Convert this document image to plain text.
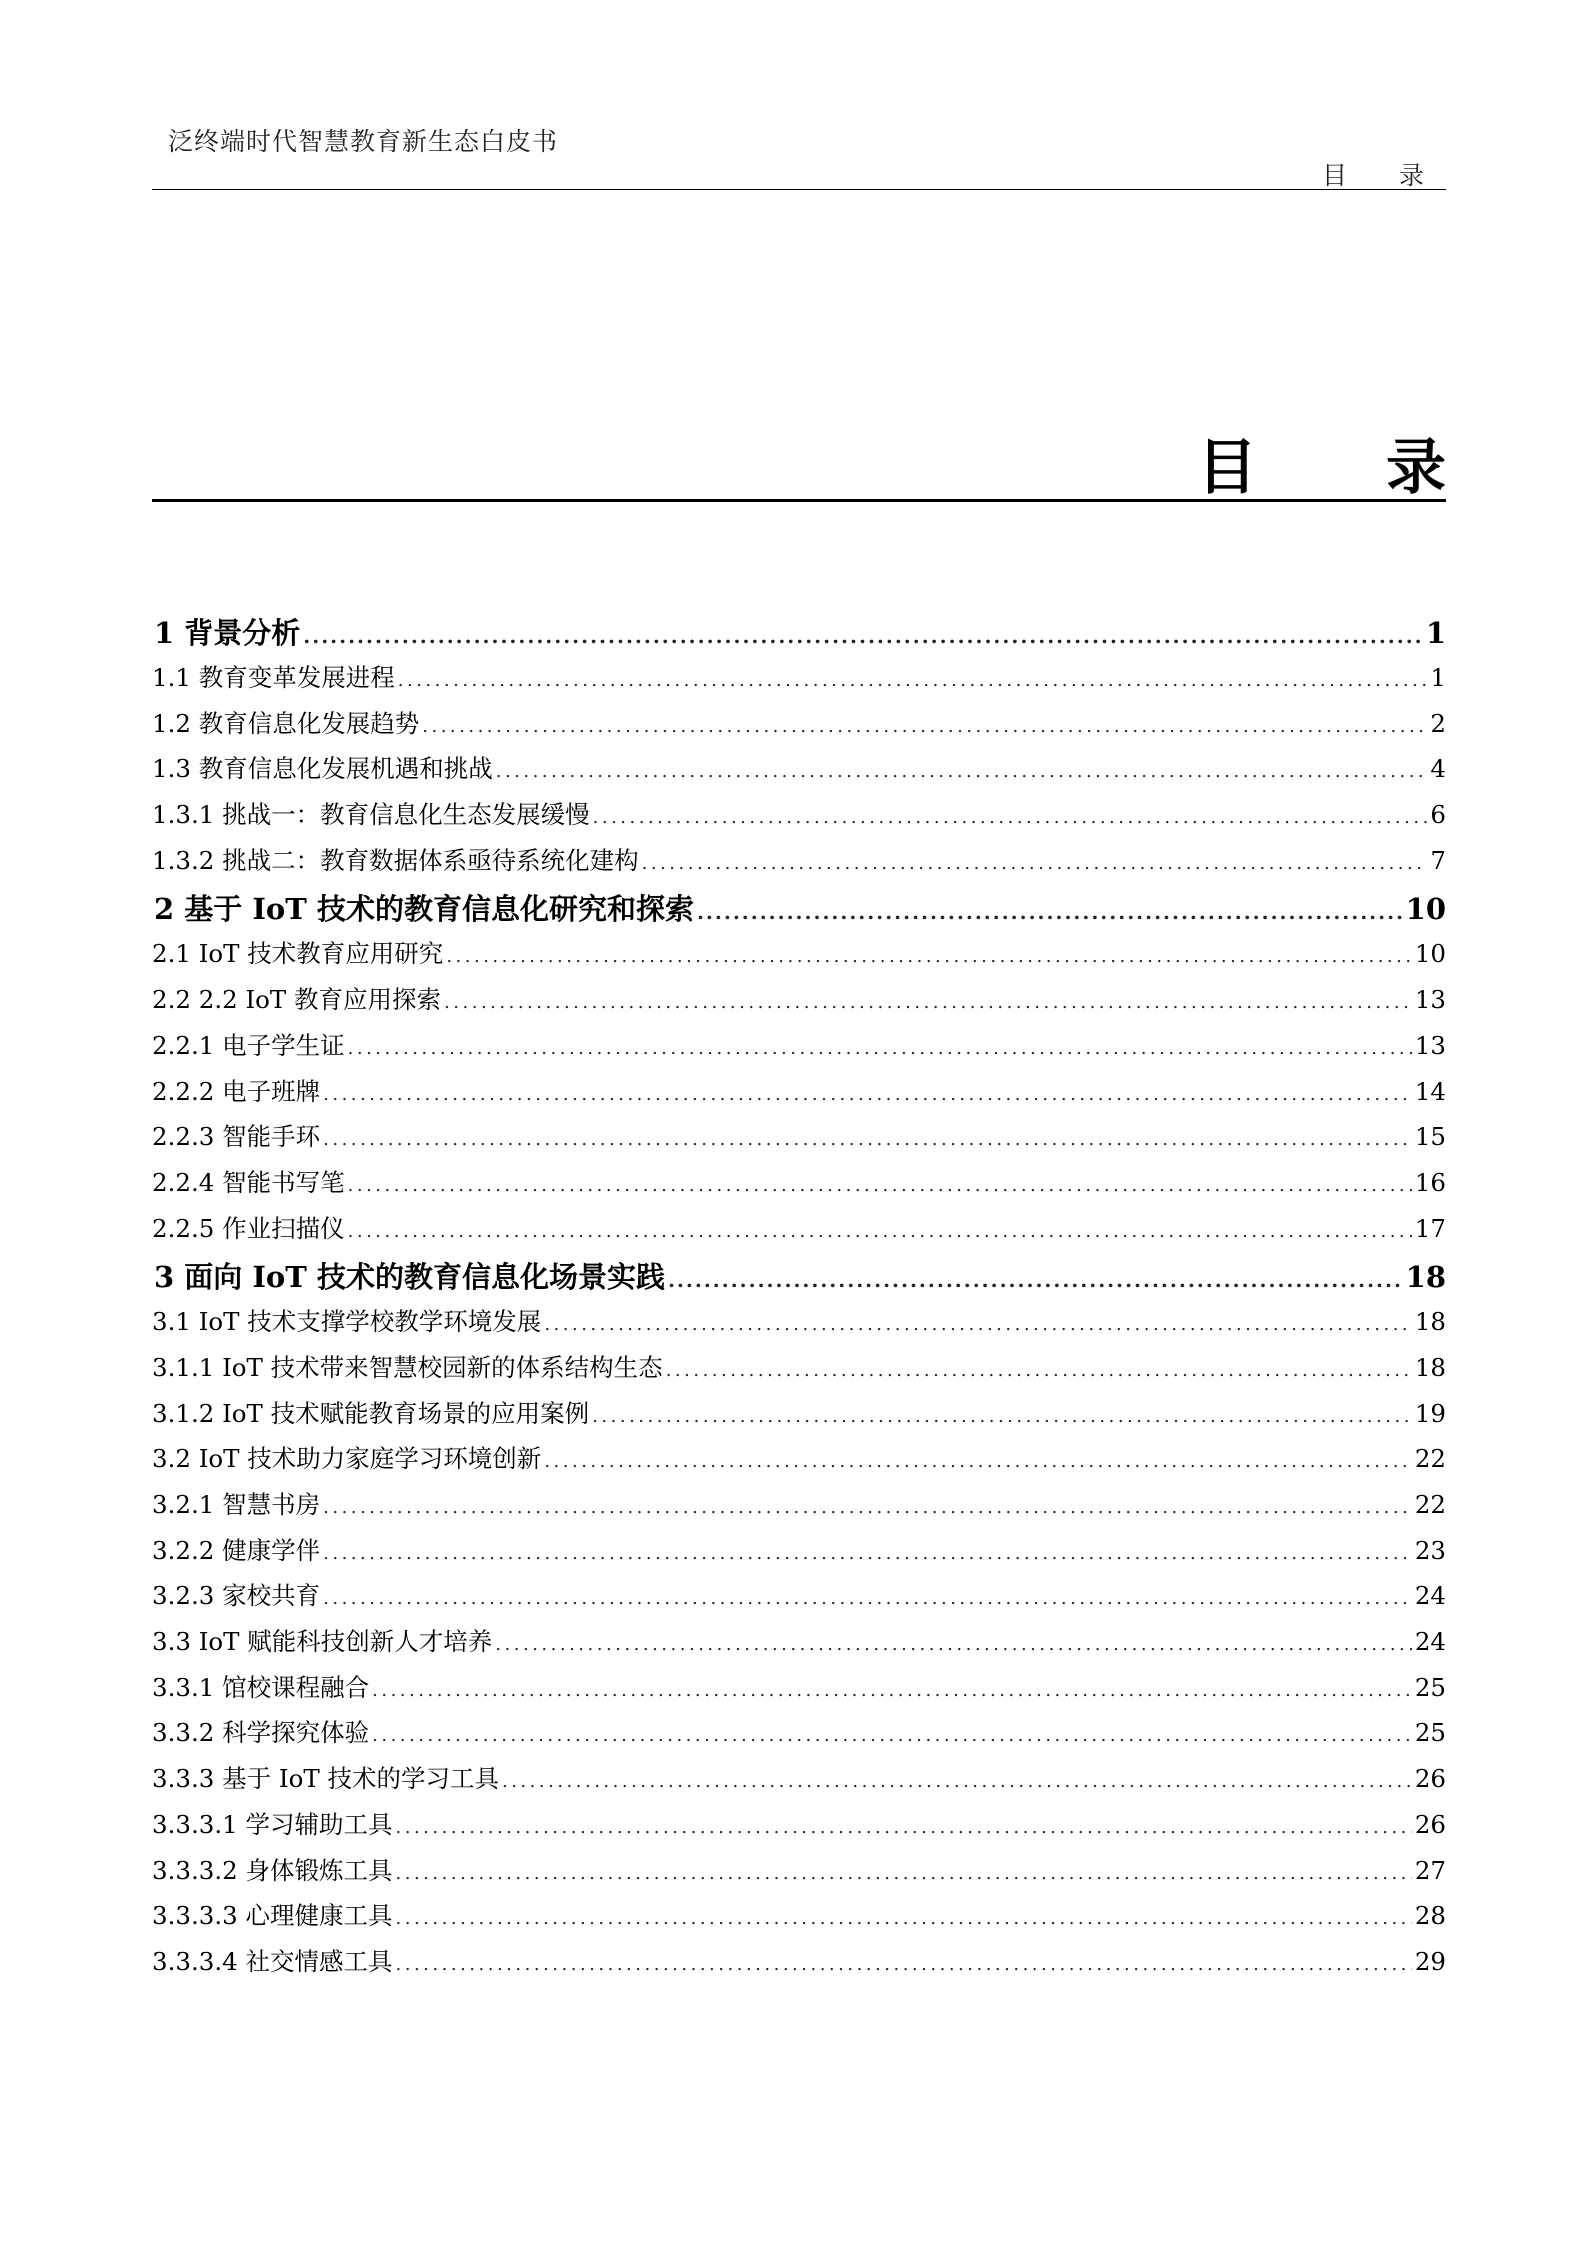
泛终端时代智慧教育新生态白皮书
目 录
目 录
1 背景分析 .....	1
1.1 教育变革发展进程 .....	1
1.2 教育信息化发展趋势 .....	2
1.3 教育信息化发展机遇和挑战 .....	4
1.3.1 挑战一：教育信息化生态发展缓慢 .....	6
1.3.2 挑战二：教育数据体系亟待系统化建构 .....	7
2 基于 IoT 技术的教育信息化研究和探索 .....	10
2.1 IoT 技术教育应用研究 .....	10
2.2 2.2 IoT 教育应用探索 .....	13
2.2.1 电子学生证 .....	13
2.2.2 电子班牌 .....	14
2.2.3 智能手环 .....	15
2.2.4 智能书写笔 .....	16
2.2.5 作业扫描仪 .....	17
3 面向 IoT 技术的教育信息化场景实践 .....	18
3.1 IoT 技术支撑学校教学环境发展 .....	18
3.1.1 IoT 技术带来智慧校园新的体系结构生态 .....	18
3.1.2 IoT 技术赋能教育场景的应用案例 .....	19
3.2 IoT 技术助力家庭学习环境创新 .....	22
3.2.1 智慧书房 .....	22
3.2.2 健康学伴 .....	23
3.2.3 家校共育 .....	24
3.3 IoT 赋能科技创新人才培养 .....	24
3.3.1 馆校课程融合 .....	25
3.3.2 科学探究体验 .....	25
3.3.3 基于 IoT 技术的学习工具 .....	26
3.3.3.1 学习辅助工具 .....	26
3.3.3.2 身体锻炼工具 .....	27
3.3.3.3 心理健康工具 .....	28
3.3.3.4 社交情感工具 .....	29
